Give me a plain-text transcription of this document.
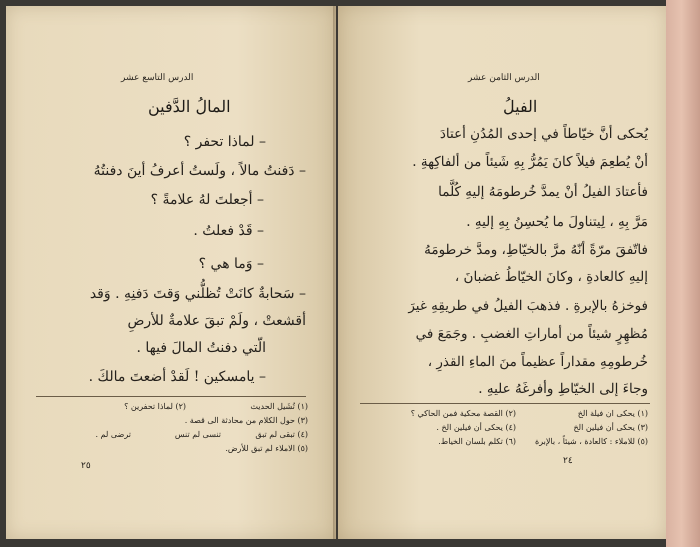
الدرس التاسع عشر
المالُ الدَّفين
– لماذا تحفر ؟
– دَفنتُ مالاً ، ولَستُ أعرفُ أينَ دفنتُهُ
– أجعلتَ لهُ علامةً ؟
– قَدْ فعلتُ .
– وَما هي ؟
– سَحابةٌ كانَتْ تُظلُّني وَقتَ دَفنِهِ . وَقد
أقشعتْ ، ولَمْ تبقَ علامةٌ للأرضِ
الّتي دفنتُ المالَ فيها .
– يامسكين ! لَقدْ أضعتَ مالكَ .
(١) تُشَيل الحديث
(٢) لماذا تحفرين ؟
(٣) حول الكلام من محادثة الى قصة .
(٤) تبقى لم تبق
تنسى لم تنس
ترضى لم .
(٥) الاملاء لم تبق للأرض.
٢٥
الدرس الثامن عشر
الفيلُ
يُحكى أنَّ خيّاطاً في إحدى المُدُنِ أعتادَ
أنْ يُطعِمَ فيلاً كانَ يَمُرُّ بِهِ شَيئاً من ألفاكِهةِ .
فأعتادَ الفيلُ أنْ يمدَّ خُرطومَهُ إليهِ كُلَّما
مَرَّ بِهِ ، لِيتناولَ ما يُحسِنُ بِهِ إليهِ .
فاتّفقَ مرّةً أنّهُ مرَّ بالخيّاطِ، ومدَّ خرطومَهُ
إليهِ كالعادةِ ، وكانَ الخيّاطُ غضبانَ ،
فوخزهُ بالإبرةِ . فذهبَ الفيلُ في طريقِهِ غيرَ
مُظهِرٍ شيئاً من أماراتِ الغضبِ . وجَمَعَ في
خُرطومِهِ مقداراً عظيماً منَ الماءِ القذرِ ،
وجاءَ إلى الخيّاطِ وأفرغَهُ عليهِ .
(١) يحكى ان فيلة الخ
(٢) القصة محكية فمن الحاكي ؟
(٣) يحكى أن فيلين الخ
(٤) يحكى أن فيلين الخ .
(٥) للاملاء : كالعادة ، شيئاً ، بالإبرة
(٦) تكلم بلسان الخياط.
٢٤
